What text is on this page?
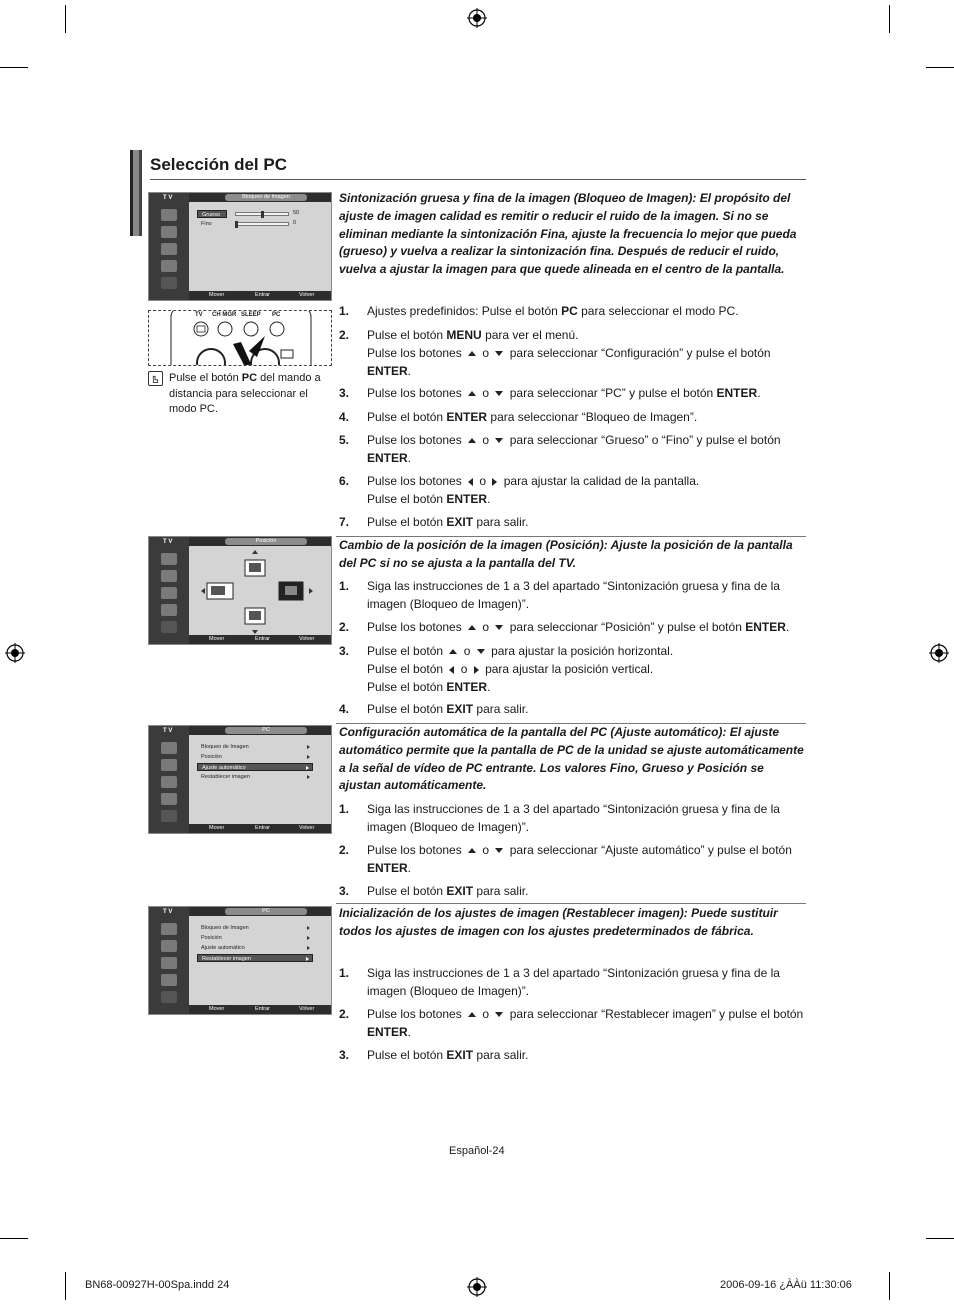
Selección del PC
T V	Bloqueo de Imagen
Grueso	50
Fino	0
Mover	Entrar	Volver
TV CH MGR SLEEP PC
Pulse el botón PC del mando a distancia para seleccionar el modo PC.
T V	Posición
Mover	Entrar	Volver
T V	PC
Bloqueo de Imagen
Posición
Ajuste automático
Restablecer imagen
Mover	Entrar	Volver
T V	PC
Bloqueo de Imagen
Posición
Ajuste automático
Restablecer imagen
Mover	Entrar	Volver
Sintonización gruesa y fina de la imagen (Bloqueo de Imagen): El propósito del ajuste de imagen calidad es remitir o reducir el ruido de la imagen. Si no se eliminan mediante la sintonización Fina, ajuste la frecuencia lo mejor que pueda (grueso) y vuelva a realizar la sintonización fina. Después de reducir el ruido, vuelva a ajustar la imagen para que quede alineada en el centro de la pantalla.
1.	Ajustes predefinidos: Pulse el botón PC para seleccionar el modo PC.
2.	Pulse el botón MENU para ver el menú.
Pulse los botones  o  para seleccionar “Configuración” y pulse el botón ENTER.
3.	Pulse los botones  o  para seleccionar “PC” y pulse el botón ENTER.
4.	Pulse el botón ENTER para seleccionar “Bloqueo de Imagen”.
5.	Pulse los botones  o  para seleccionar “Grueso” o “Fino” y pulse el botón ENTER.
6.	Pulse los botones  o  para ajustar la calidad de la pantalla.
Pulse el botón ENTER.
7.	Pulse el botón EXIT para salir.
Cambio de la posición de la imagen (Posición): Ajuste la posición de la pantalla del PC si no se ajusta a la pantalla del TV.
1.	Siga las instrucciones de 1 a 3 del apartado “Sintonización gruesa y fina de la imagen (Bloqueo de Imagen)”.
2.	Pulse los botones  o  para seleccionar “Posición” y pulse el botón ENTER.
3.	Pulse el botón  o  para ajustar la posición horizontal.
Pulse el botón  o  para ajustar la posición vertical.
Pulse el botón ENTER.
4.	Pulse el botón EXIT para salir.
Configuración automática de la pantalla del PC (Ajuste automático): El ajuste automático permite que la pantalla de PC de la unidad se ajuste automáticamente a la señal de vídeo de PC entrante. Los valores Fino, Grueso y Posición se ajustan automáticamente.
1.	Siga las instrucciones de 1 a 3 del apartado “Sintonización gruesa y fina de la imagen (Bloqueo de Imagen)”.
2.	Pulse los botones  o  para seleccionar “Ajuste automático” y pulse el botón ENTER.
3.	Pulse el botón EXIT para salir.
Inicialización de los ajustes de imagen (Restablecer imagen): Puede sustituir todos los ajustes de imagen con los ajustes predeterminados de fábrica.
1.	Siga las instrucciones de 1 a 3 del apartado “Sintonización gruesa y fina de la imagen (Bloqueo de Imagen)”.
2.	Pulse los botones  o  para seleccionar “Restablecer imagen” y pulse el botón ENTER.
3.	Pulse el botón EXIT para salir.
Español-24
BN68-00927H-00Spa.indd 24	2006-09-16 ¿ÀÀü 11:30:06
